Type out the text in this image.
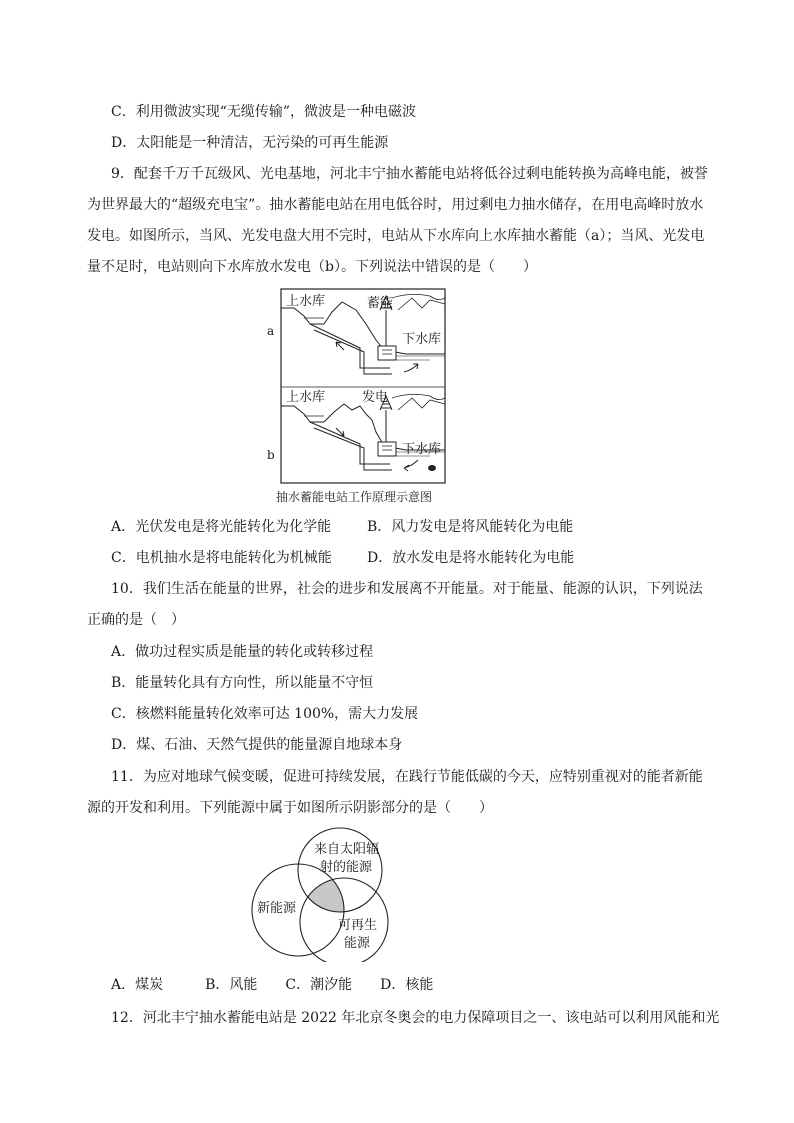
C．利用微波实现“无缆传输”，微波是一种电磁波
D．太阳能是一种清洁，无污染的可再生能源
9．配套千万千瓦级风、光电基地，河北丰宁抽水蓄能电站将低谷过剩电能转换为高峰电能，被誉
为世界最大的“超级充电宝”。抽水蓄能电站在用电低谷时，用过剩电力抽水储存，在用电高峰时放水
发电。如图所示，当风、光发电盘大用不完时，电站从下水库向上水库抽水蓄能（a）；当风、光发电
量不足时，电站则向下水库放水发电（b）。下列说法中错误的是（　　）
a
b
上水库	蓄能
下水库
上水库	发电
下水库
抽水蓄能电站工作原理示意图
A．光伏发电是将光能转化为化学能	B．风力发电是将风能转化为电能
C．电机抽水是将电能转化为机械能	D．放水发电是将水能转化为电能
10．我们生活在能量的世界，社会的进步和发展离不开能量。对于能量、能源的认识，下列说法
正确的是（　）
A．做功过程实质是能量的转化或转移过程
B．能量转化具有方向性，所以能量不守恒
C．核燃料能量转化效率可达 100%，需大力发展
D．煤、石油、天然气提供的能量源自地球本身
11．为应对地球气候变暖，促进可持续发展，在践行节能低碳的今天，应特别重视对的能者新能
源的开发和利用。下列能源中属于如图所示阴影部分的是（　　）
来自太阳辐
射的能源
新能源
可再生
能源
A．煤炭　　　B．风能　　C．潮汐能　　D．核能
12．河北丰宁抽水蓄能电站是 2022 年北京冬奥会的电力保障项目之一、该电站可以利用风能和光
